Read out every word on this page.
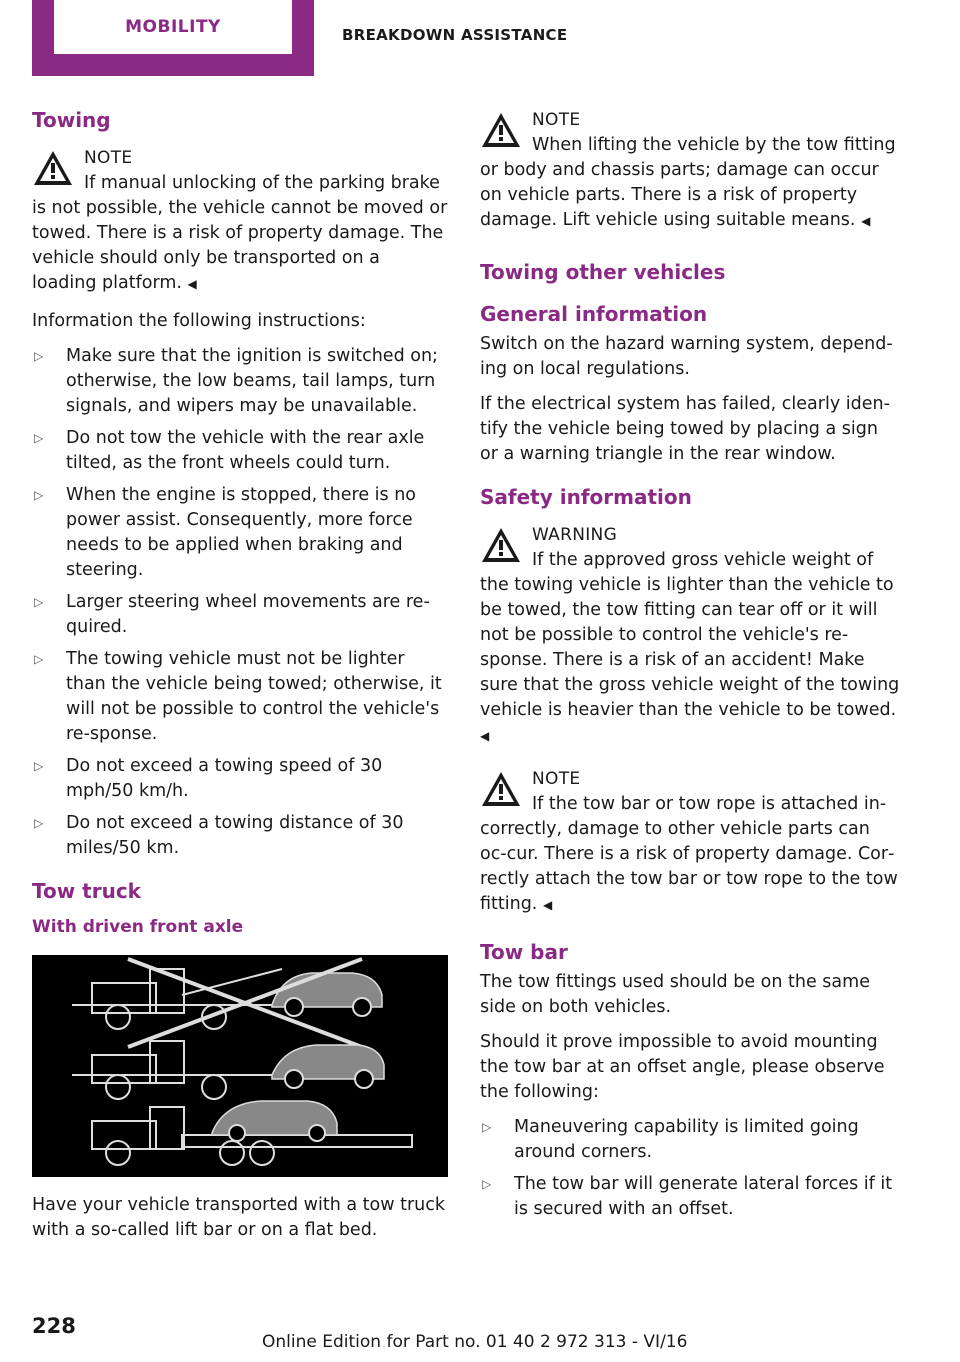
MOBILITY	BREAKDOWN ASSISTANCE
Towing
NOTE
If manual unlocking of the parking brake is not possible, the vehicle cannot be moved or towed. There is a risk of property damage. The vehicle should only be transported on a loading platform. ◀

Information the following instructions:

▷ Make sure that the ignition is switched on; otherwise, the low beams, tail lamps, turn signals, and wipers may be unavailable.
▷ Do not tow the vehicle with the rear axle tilted, as the front wheels could turn.
▷ When the engine is stopped, there is no power assist. Consequently, more force needs to be applied when braking and steering.
▷ Larger steering wheel movements are re‐quired.
▷ The towing vehicle must not be lighter than the vehicle being towed; otherwise, it will not be possible to control the vehicle's re‐sponse.
▷ Do not exceed a towing speed of 30 mph/50 km/h.
▷ Do not exceed a towing distance of 30 miles/50 km.
Tow truck
With driven front axle

Have your vehicle transported with a tow truck with a so-called lift bar or on a flat bed.

NOTE
When lifting the vehicle by the tow fitting or body and chassis parts; damage can occur on vehicle parts. There is a risk of property damage. Lift vehicle using suitable means. ◀
Towing other vehicles
General information

Switch on the hazard warning system, depend‐ing on local regulations.

If the electrical system has failed, clearly iden‐tify the vehicle being towed by placing a sign or a warning triangle in the rear window.

Safety information
WARNING
If the approved gross vehicle weight of the towing vehicle is lighter than the vehicle to be towed, the tow fitting can tear off or it will not be possible to control the vehicle's re‐sponse. There is a risk of an accident! Make sure that the gross vehicle weight of the towing vehicle is heavier than the vehicle to be towed. ◀
NOTE
If the tow bar or tow rope is attached in‐correctly, damage to other vehicle parts can oc‐cur. There is a risk of property damage. Cor‐rectly attach the tow bar or tow rope to the tow fitting. ◀
Tow bar

The tow fittings used should be on the same side on both vehicles.

Should it prove impossible to avoid mounting the tow bar at an offset angle, please observe the following:

▷ Maneuvering capability is limited going around corners.
▷ The tow bar will generate lateral forces if it is secured with an offset.
228
Online Edition for Part no. 01 40 2 972 313 - VI/16
